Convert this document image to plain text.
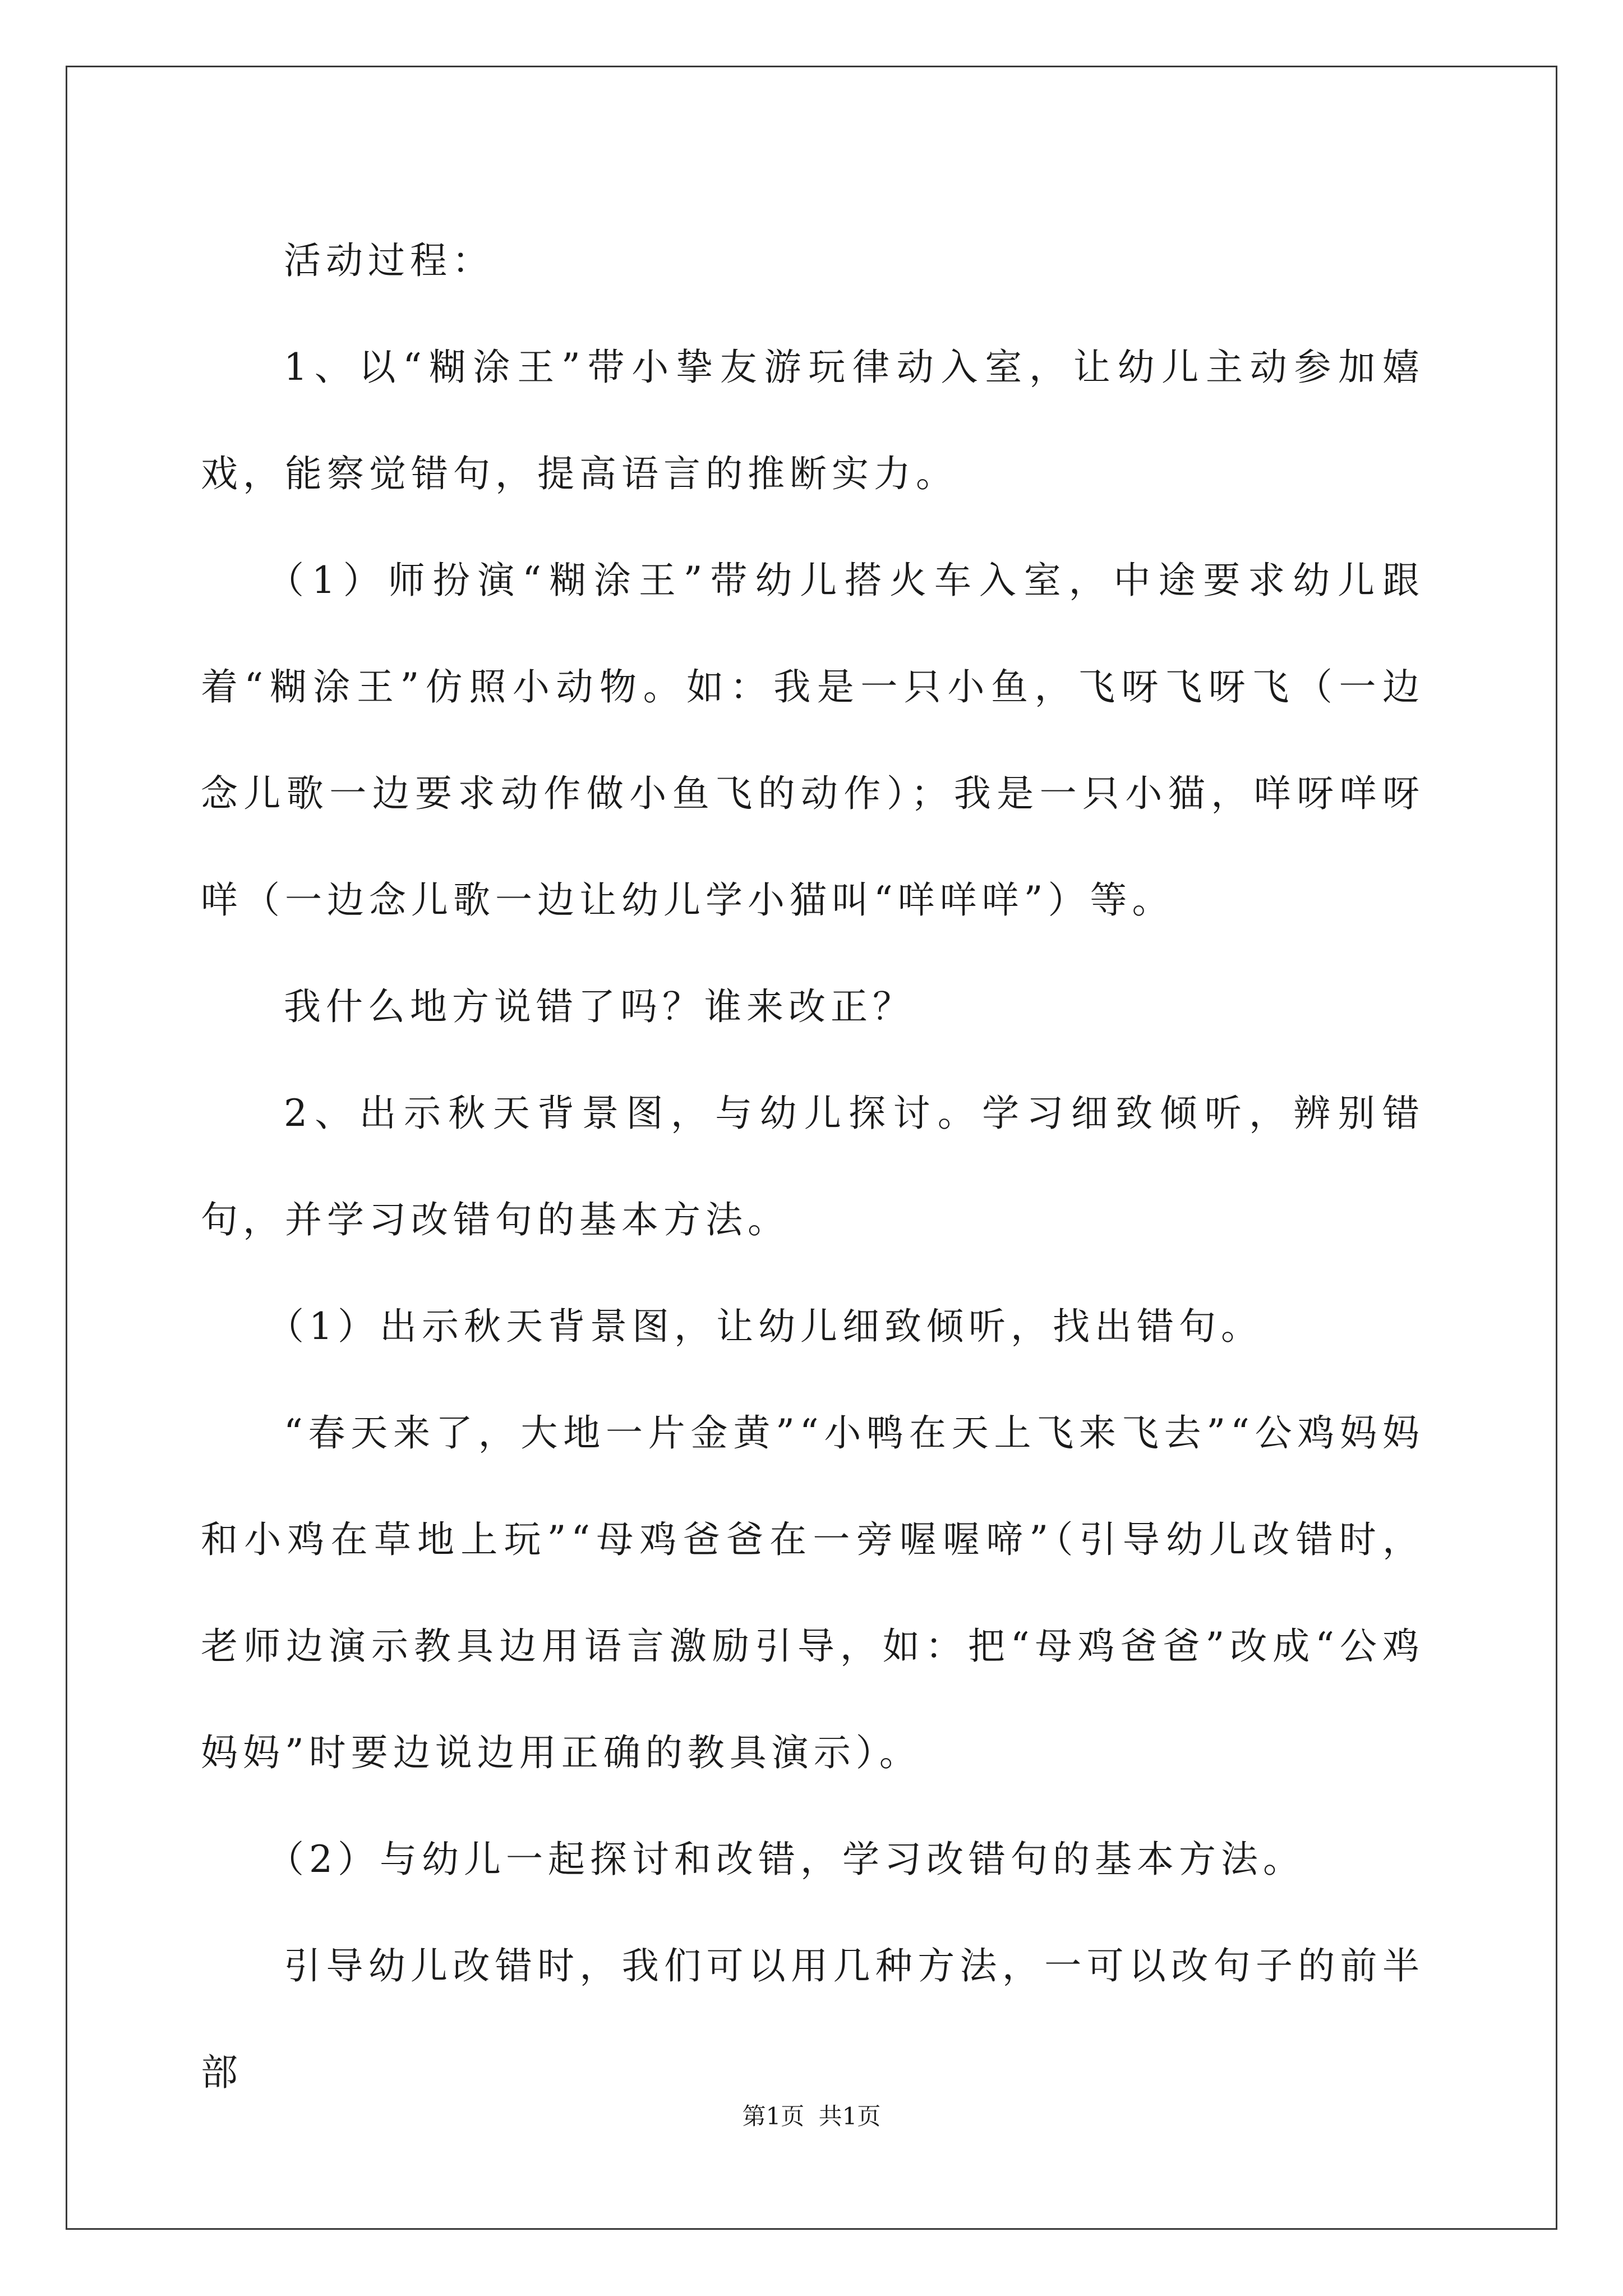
活动过程：

1、以“糊涂王”带小挚友游玩律动入室，让幼儿主动参加嬉戏，能察觉错句，提高语言的推断实力。

（1）师扮演“糊涂王”带幼儿搭火车入室，中途要求幼儿跟着“糊涂王”仿照小动物。如：我是一只小鱼，飞呀飞呀飞（一边念儿歌一边要求动作做小鱼飞的动作）；我是一只小猫，咩呀咩呀咩（一边念儿歌一边让幼儿学小猫叫“咩咩咩”）等。

我什么地方说错了吗？谁来改正？

2、出示秋天背景图，与幼儿探讨。学习细致倾听，辨别错句，并学习改错句的基本方法。

（1）出示秋天背景图，让幼儿细致倾听，找出错句。

“春天来了，大地一片金黄”“小鸭在天上飞来飞去”“公鸡妈妈和小鸡在草地上玩”“母鸡爸爸在一旁喔喔啼”（引导幼儿改错时，老师边演示教具边用语言激励引导，如：把“母鸡爸爸”改成“公鸡妈妈”时要边说边用正确的教具演示）。

（2）与幼儿一起探讨和改错，学习改错句的基本方法。

引导幼儿改错时，我们可以用几种方法，一可以改句子的前半部

第1页 共1页
